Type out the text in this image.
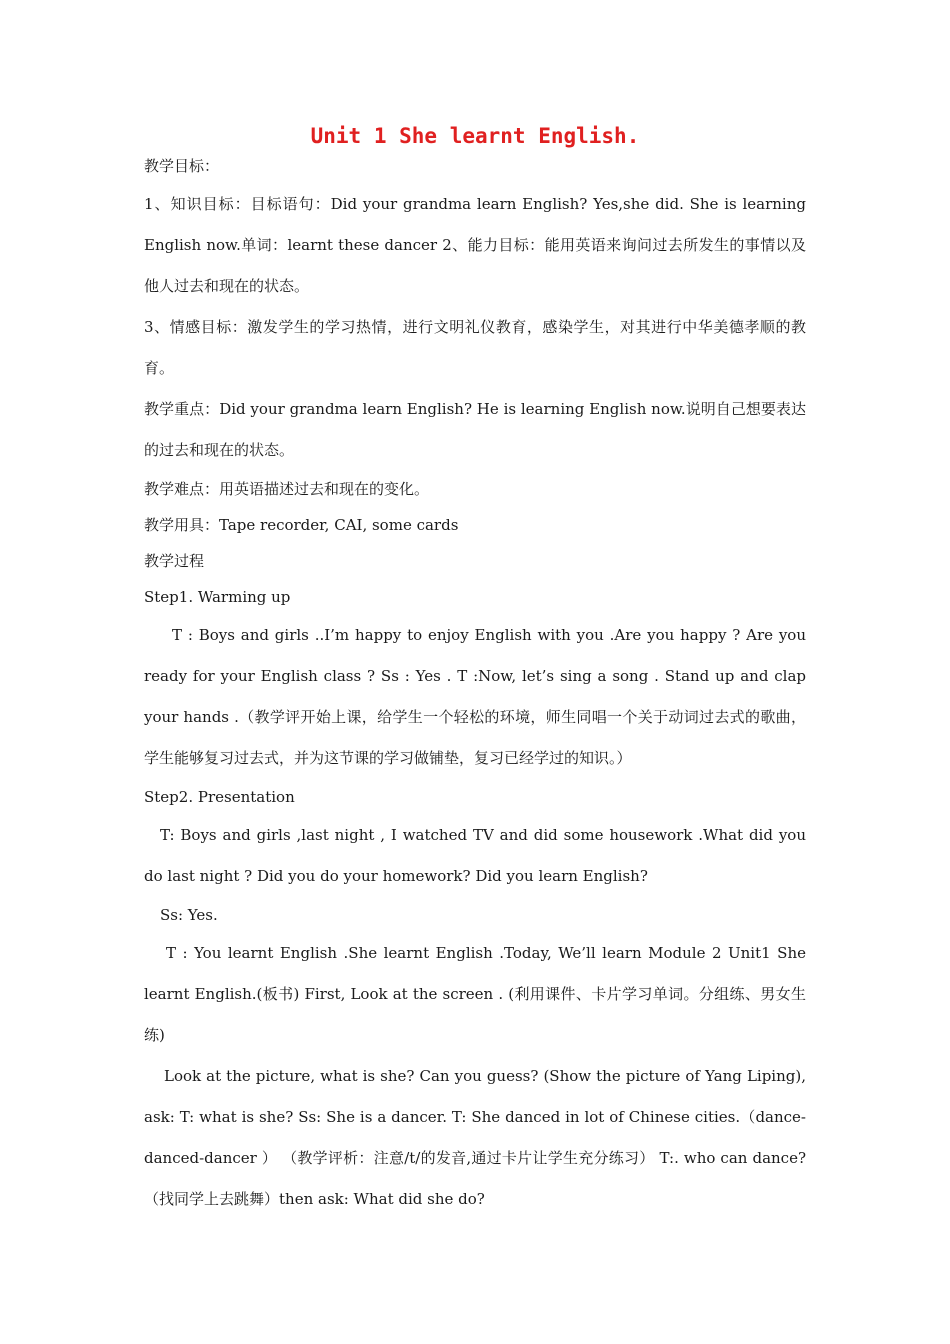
Unit 1 She learnt English.

教学目标：

1、知识目标：目标语句：Did your grandma learn English? Yes,she did. She is learning English now.单词：learnt these dancer 2、能力目标：能用英语来询问过去所发生的事情以及他人过去和现在的状态。

3、情感目标：激发学生的学习热情，进行文明礼仪教育，感染学生，对其进行中华美德孝顺的教育。

教学重点：Did your grandma learn English? He is learning English now.说明自己想要表达的过去和现在的状态。

教学难点：用英语描述过去和现在的变化。

教学用具：Tape recorder, CAI, some cards

教学过程

Step1. Warming up

T : Boys and girls ..I’m happy to enjoy English with you .Are you happy ? Are you ready for your English class ? Ss : Yes . T :Now, let’s sing a song . Stand up and clap your hands .（教学评开始上课，给学生一个轻松的环境，师生同唱一个关于动词过去式的歌曲，学生能够复习过去式，并为这节课的学习做铺垫，复习已经学过的知识。）

Step2. Presentation

T: Boys and girls ,last night , I watched TV and did some housework .What did you do last night ? Did you do your homework? Did you learn English?

Ss: Yes.

T : You learnt English .She learnt English .Today, We’ll learn Module 2 Unit1 She learnt English.(板书) First, Look at the screen . (利用课件、卡片学习单词。分组练、男女生练)

Look at the picture, what is she? Can you guess? (Show the picture of Yang Liping), ask: T: what is she? Ss: She is a dancer. T: She danced in lot of Chinese cities.（dance-danced-dancer ） （教学评析：注意/t/的发音,通过卡片让学生充分练习） T:. who can dance?（找同学上去跳舞）then ask: What did she do?
